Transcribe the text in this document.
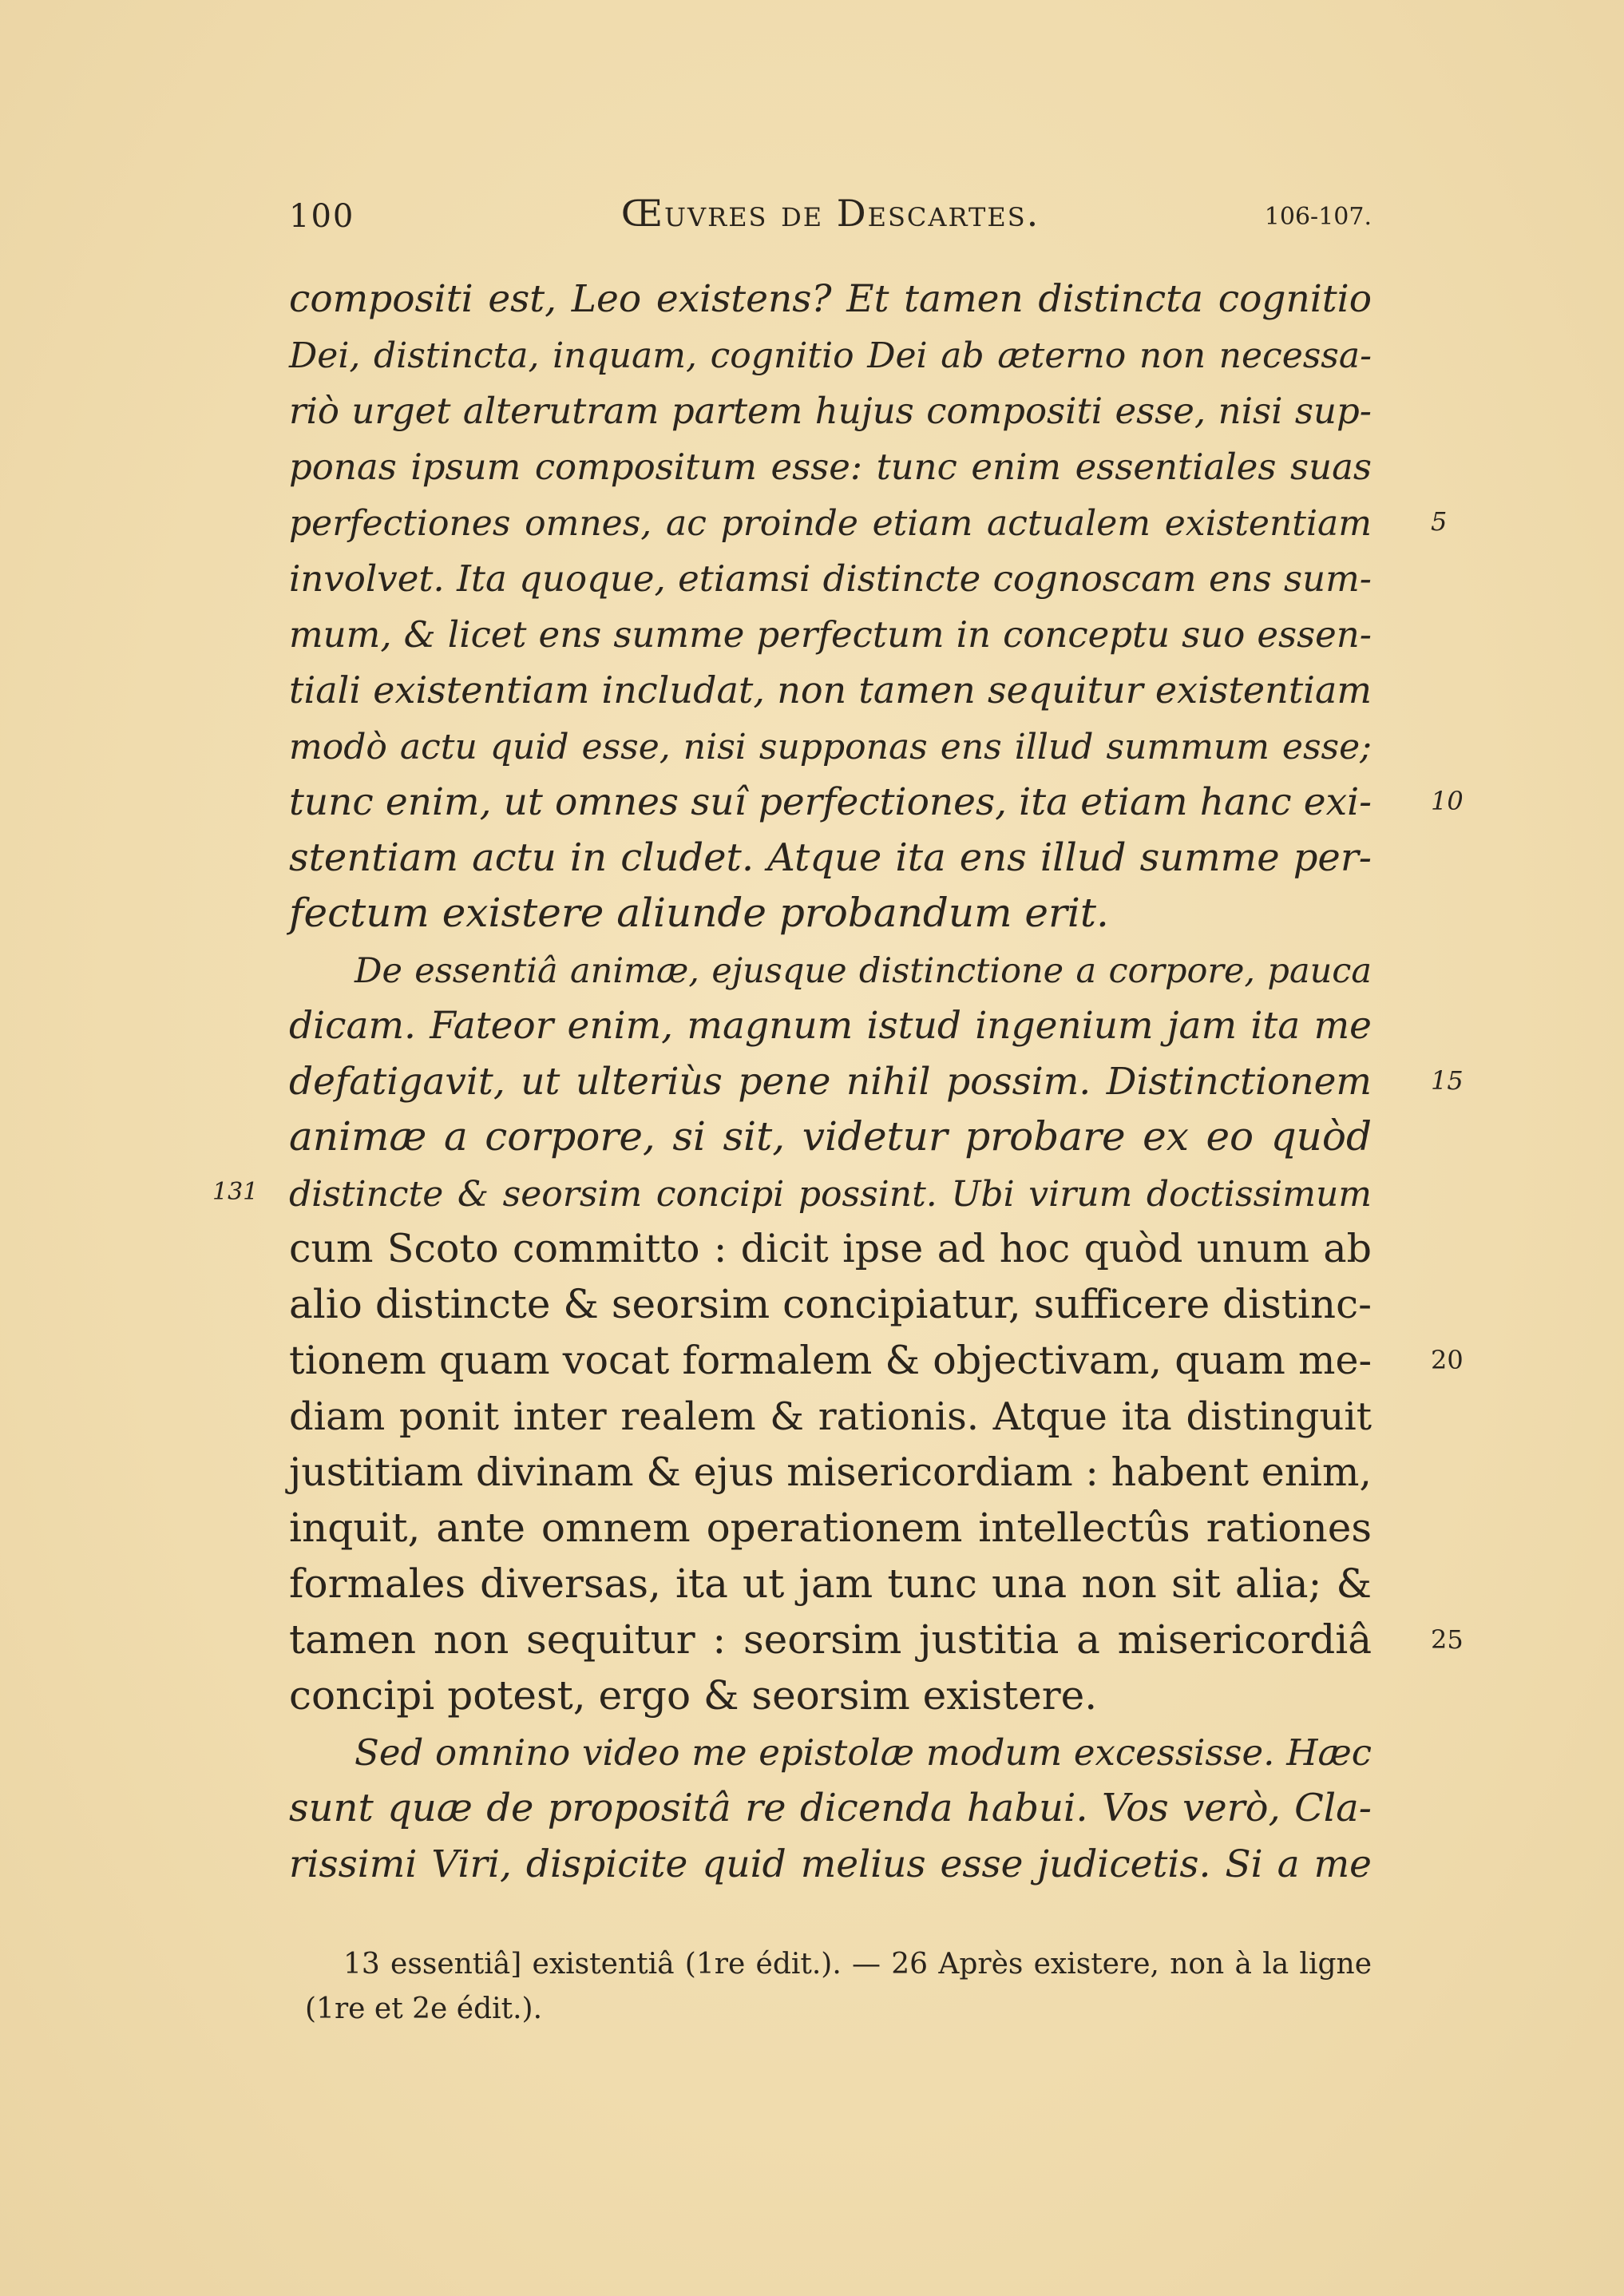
100	Œuvres de Descartes.	106-107.
compositi est, Leo existens? Et tamen distincta cognitio
Dei, distincta, inquam, cognitio Dei ab æterno non necessa-
riò urget alterutram partem hujus compositi esse, nisi sup-
ponas ipsum compositum esse: tunc enim essentiales suas
perfectiones omnes, ac proinde etiam actualem existentiam 5
involvet. Ita quoque, etiamsi distincte cognoscam ens sum-
mum, & licet ens summe perfectum in conceptu suo essen-
tiali existentiam includat, non tamen sequitur existentiam
modò actu quid esse, nisi supponas ens illud summum esse;
tunc enim, ut omnes suî perfectiones, ita etiam hanc exi- 10
stentiam actu in cludet. Atque ita ens illud summe per-
fectum existere aliunde probandum erit.
De essentiâ animæ, ejusque distinctione a corpore, pauca
dicam. Fateor enim, magnum istud ingenium jam ita me
defatigavit, ut ulteriùs pene nihil possim. Distinctionem 15
animæ a corpore, si sit, videtur probare ex eo quòd
131 distincte & seorsim concipi possint. Ubi virum doctissimum
cum Scoto committo : dicit ipse ad hoc quòd unum ab
alio distincte & seorsim concipiatur, sufficere distinc-
tionem quam vocat formalem & objectivam, quam me- 20
diam ponit inter realem & rationis. Atque ita distinguit
justitiam divinam & ejus misericordiam : habent enim,
inquit, ante omnem operationem intellectûs rationes
formales diversas, ita ut jam tunc una non sit alia; &
tamen non sequitur : seorsim justitia a misericordiâ 25
concipi potest, ergo & seorsim existere.
Sed omnino video me epistolæ modum excessisse. Hæc
sunt quæ de propositâ re dicenda habui. Vos verò, Cla-
rissimi Viri, dispicite quid melius esse judicetis. Si a me
13 essentiâ] existentiâ (1re édit.). — 26 Après existere, non à la ligne
(1re et 2e édit.).
